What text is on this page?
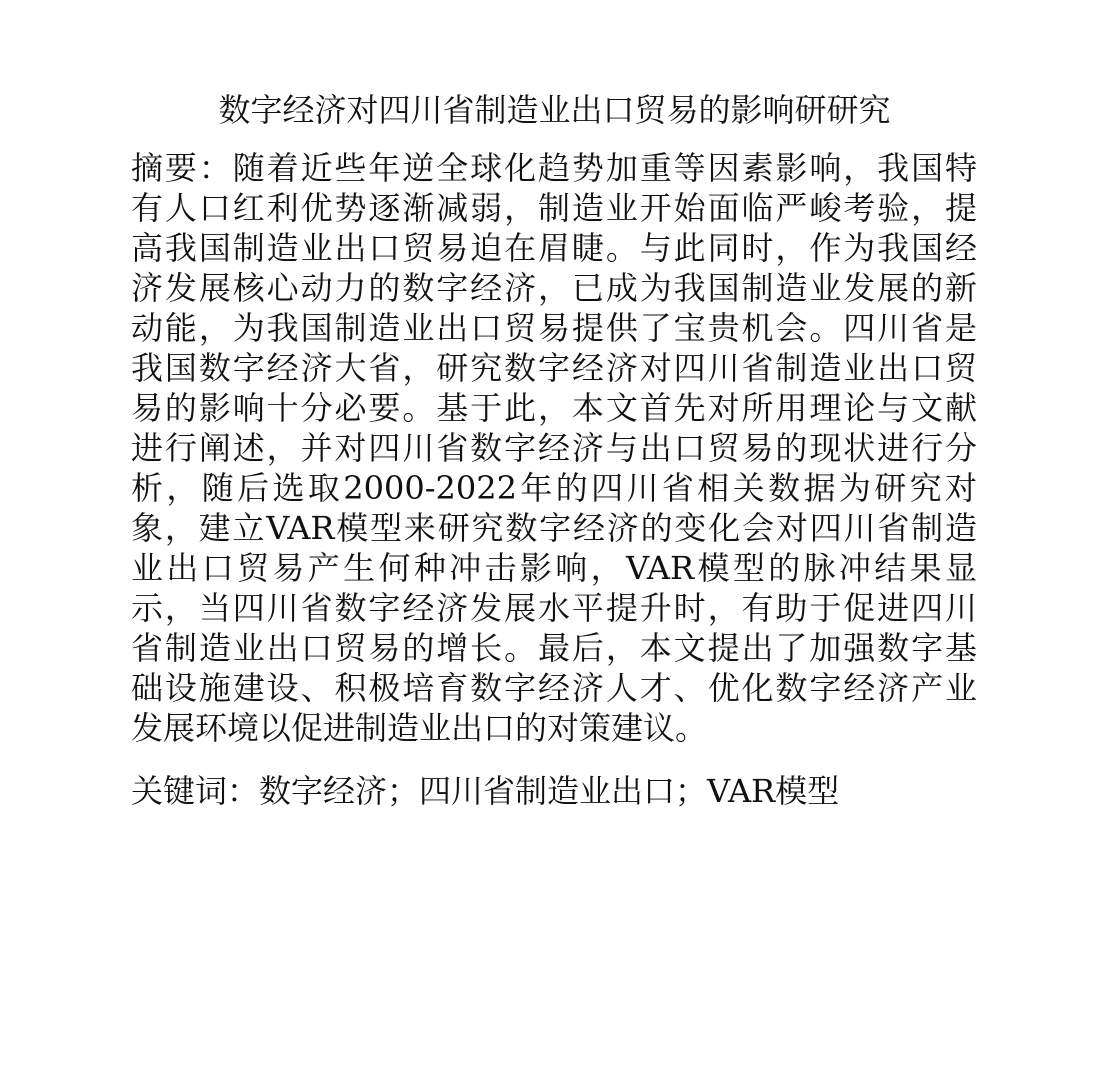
数字经济对四川省制造业出口贸易的影响研研究
摘要：随着近些年逆全球化趋势加重等因素影响，我国特
有人口红利优势逐渐减弱，制造业开始面临严峻考验，提
高我国制造业出口贸易迫在眉睫。与此同时，作为我国经
济发展核心动力的数字经济，已成为我国制造业发展的新
动能，为我国制造业出口贸易提供了宝贵机会。四川省是
我国数字经济大省，研究数字经济对四川省制造业出口贸
易的影响十分必要。基于此，本文首先对所用理论与文献
进行阐述，并对四川省数字经济与出口贸易的现状进行分
析，随后选取2000-2022年的四川省相关数据为研究对
象，建立VAR模型来研究数字经济的变化会对四川省制造
业出口贸易产生何种冲击影响，VAR模型的脉冲结果显
示，当四川省数字经济发展水平提升时，有助于促进四川
省制造业出口贸易的增长。最后，本文提出了加强数字基
础设施建设、积极培育数字经济人才、优化数字经济产业
发展环境以促进制造业出口的对策建议。
关键词：数字经济；四川省制造业出口；VAR模型
